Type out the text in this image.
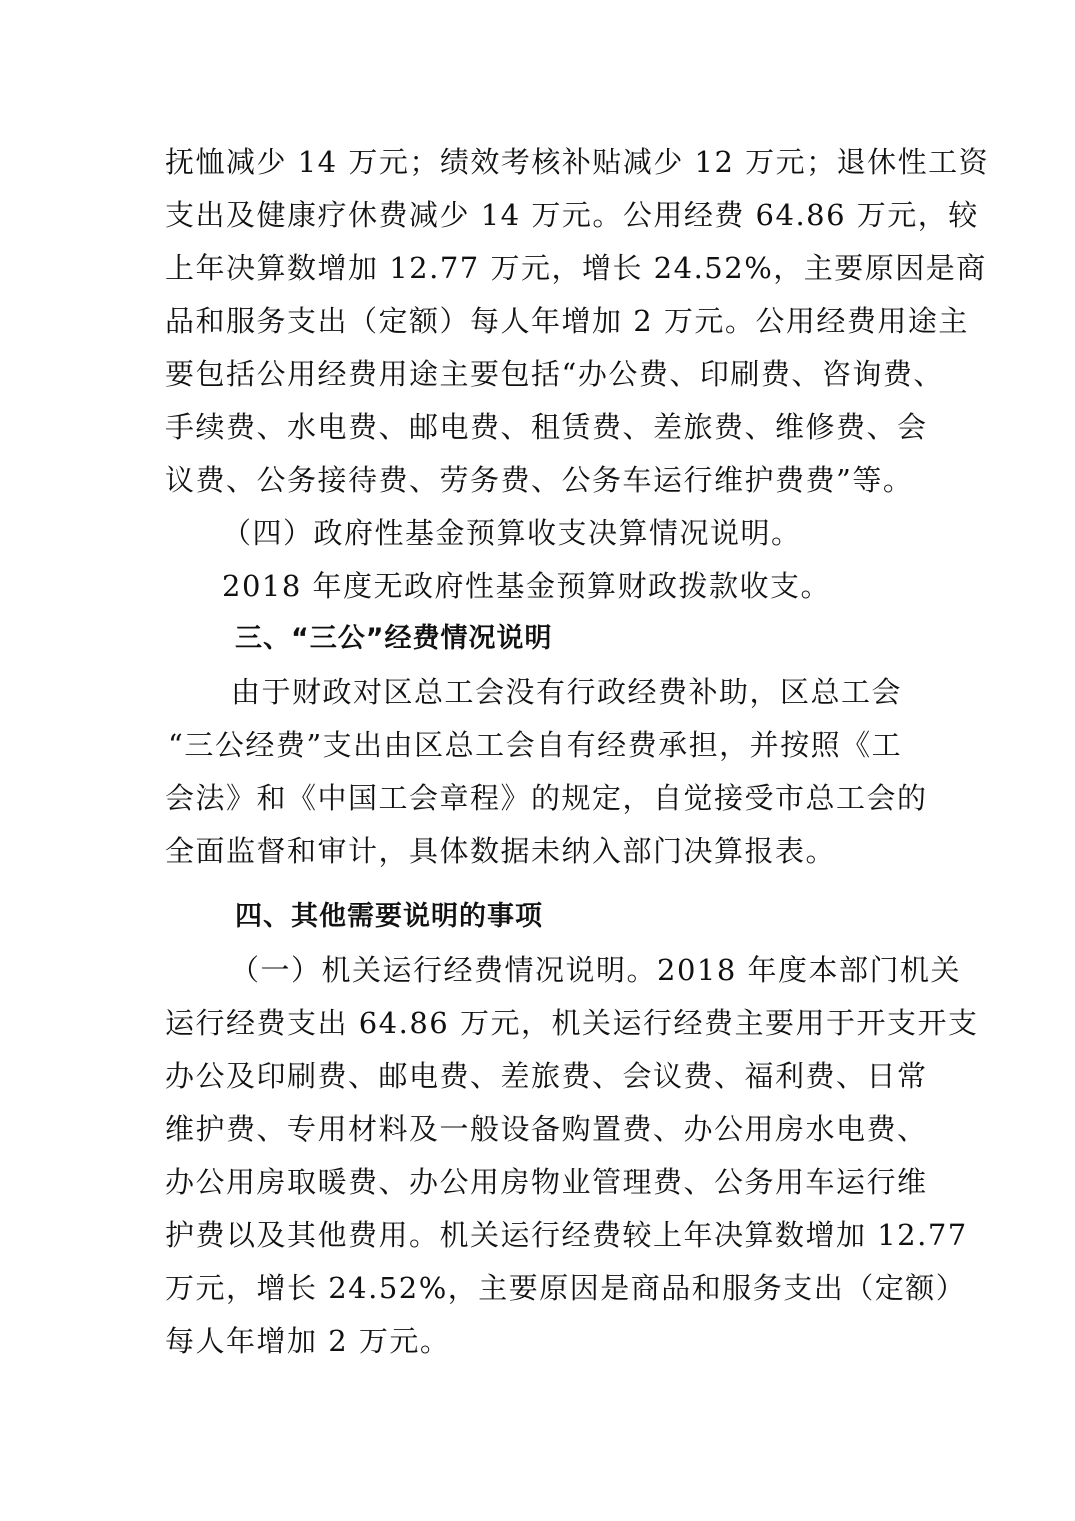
抚恤减少 14 万元；绩效考核补贴减少 12 万元；退休性工资
支出及健康疗休费减少 14 万元。公用经费 64.86 万元，较
上年决算数增加 12.77 万元，增长 24.52%，主要原因是商
品和服务支出（定额）每人年增加 2 万元。公用经费用途主
要包括公用经费用途主要包括“办公费、印刷费、咨询费、
手续费、水电费、邮电费、租赁费、差旅费、维修费、会
议费、公务接待费、劳务费、公务车运行维护费费”等。
（四）政府性基金预算收支决算情况说明。
2018 年度无政府性基金预算财政拨款收支。
三、“三公”经费情况说明
由于财政对区总工会没有行政经费补助，区总工会
“三公经费”支出由区总工会自有经费承担，并按照《工
会法》和《中国工会章程》的规定，自觉接受市总工会的
全面监督和审计，具体数据未纳入部门决算报表。
四、其他需要说明的事项
（一）机关运行经费情况说明。2018 年度本部门机关
运行经费支出 64.86 万元，机关运行经费主要用于开支开支
办公及印刷费、邮电费、差旅费、会议费、福利费、日常
维护费、专用材料及一般设备购置费、办公用房水电费、
办公用房取暖费、办公用房物业管理费、公务用车运行维
护费以及其他费用。机关运行经费较上年决算数增加 12.77
万元，增长 24.52%，主要原因是商品和服务支出（定额）
每人年增加 2 万元。
